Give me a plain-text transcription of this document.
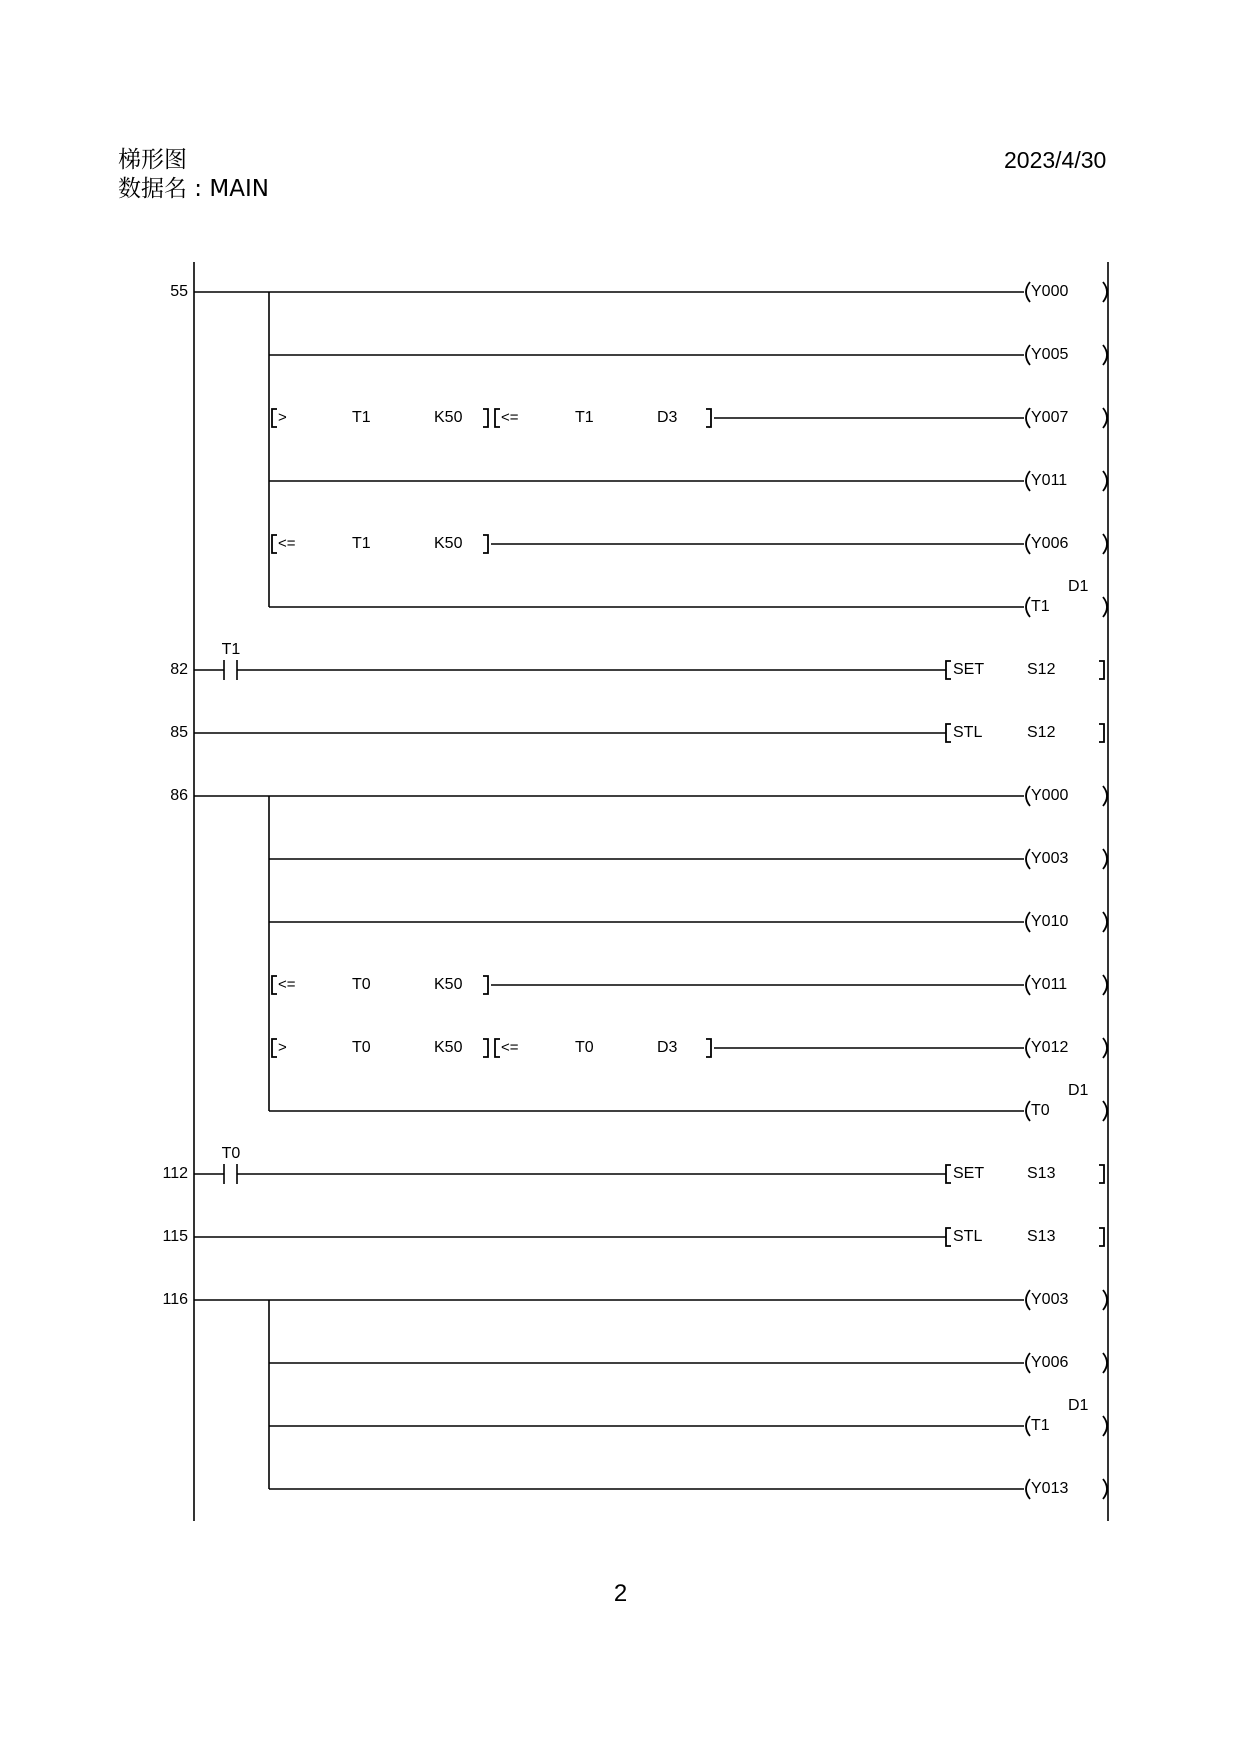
梯形图
数据名 : MAIN
2023/4/30
55	Y000
Y005
>	T1	K50	<=	T1	D3	Y007
Y011
<=	T1	K50	Y006
T1
D1
82
T1
SET	S12
85	STL	S12
86	Y000
Y003
Y010
<=	T0	K50	Y011
>	T0	K50	<=	T0	D3	Y012
T0
D1
112
T0
SET	S13
115	STL	S13
116	Y003
Y006
T1
D1
Y013
2
